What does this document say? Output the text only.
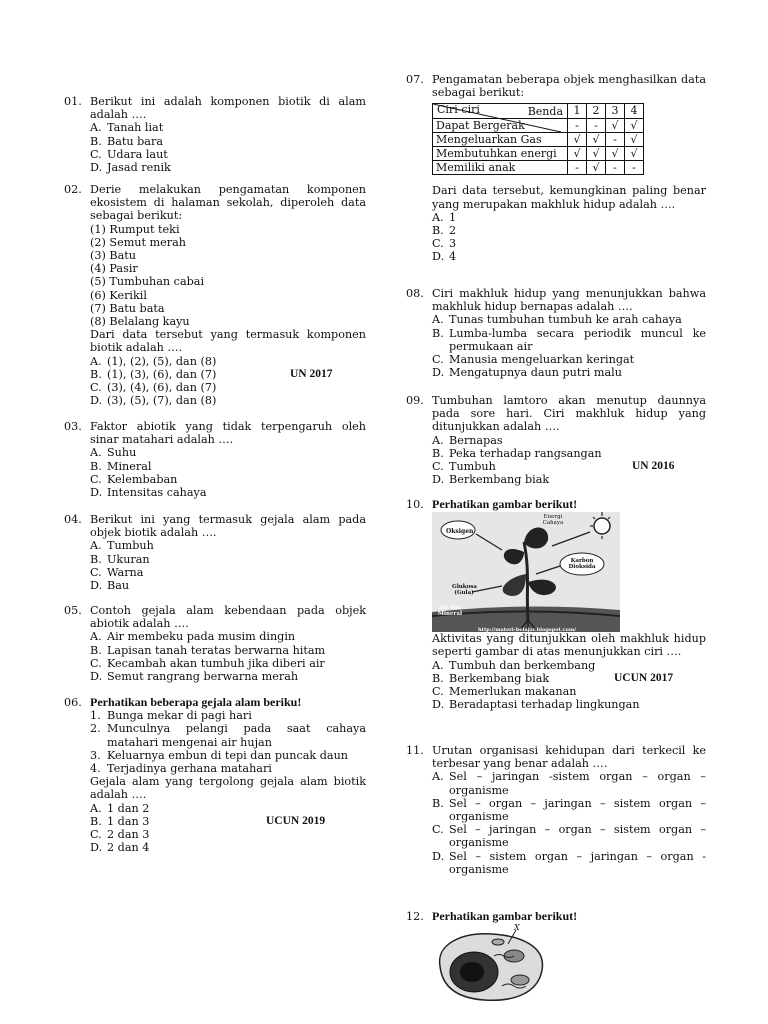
01. Berikut ini adalah komponen biotik di alam adalah ….
A. Tanah liat
B. Batu bara
C. Udara laut
D. Jasad renik
02. Derie melakukan pengamatan komponen ekosistem di halaman sekolah, diperoleh data sebagai berikut:
(1) Rumput teki
(2) Semut merah
(3) Batu
(4) Pasir
(5) Tumbuhan cabai
(6) Kerikil
(7) Batu bata
(8) Belalang kayu
Dari data tersebut yang termasuk komponen biotik adalah ….
A. (1), (2), (5), dan (8)
B. (1), (3), (6), dan (7)	UN 2017
C. (3), (4), (6), dan (7)
D. (3), (5), (7), dan (8)
03. Faktor abiotik yang tidak terpengaruh oleh sinar matahari adalah ….
A. Suhu
B. Mineral
C. Kelembaban
D. Intensitas cahaya
04. Berikut ini yang termasuk gejala alam pada objek biotik adalah ….
A. Tumbuh
B. Ukuran
C. Warna
D. Bau
05. Contoh gejala alam kebendaan pada objek abiotik adalah ….
A. Air membeku pada musim dingin
B. Lapisan tanah teratas berwarna hitam
C. Kecambah akan tumbuh jika diberi air
D. Semut rangrang berwarna merah
06. Perhatikan beberapa gejala alam beriku!
1. Bunga mekar di pagi hari
2. Munculnya pelangi pada saat cahaya matahari mengenai air hujan
3. Keluarnya embun di tepi dan puncak daun
4. Terjadinya gerhana matahari
Gejala alam yang tergolong gejala alam biotik adalah ….
A. 1 dan 2
B. 1 dan 3	UCUN 2019
C. 2 dan 3
D. 2 dan 4
07. Pengamatan beberapa objek menghasilkan data sebagai berikut:
Benda
Ciri-ciri	1	2	3	4
Dapat Bergerak	-	-	√	√
Mengeluarkan Gas	√	√	-	√
Membutuhkan energi	√	√	√	√
Memiliki anak	-	√	-	-
Dari data tersebut, kemungkinan paling benar yang merupakan makhluk hidup adalah ….
A. 1
B. 2
C. 3
D. 4
08. Ciri makhluk hidup yang menunjukkan bahwa makhluk hidup bernapas adalah ….
A. Tunas tumbuhan tumbuh ke arah cahaya
B. Lumba-lumba secara periodik muncul ke permukaan air
C. Manusia mengeluarkan keringat
D. Mengatupnya daun putri malu
09. Tumbuhan lamtoro akan menutup daunnya pada sore hari. Ciri makhluk hidup yang ditunjukkan adalah ….
A. Bernapas
B. Peka terhadap rangsangan
C. Tumbuh	UN 2016
D. Berkembang biak
10. Perhatikan gambar berikut!
Oksigen
Energi Cahaya
Karbon Dioksida
Glukosa (Gula)
Air dan Mineral
http://materi-belajar.blogspot.com/
Aktivitas yang ditunjukkan oleh makhluk hidup seperti gambar di atas menunjukkan ciri ….
A. Tumbuh dan berkembang
B. Berkembang biak	UCUN 2017
C. Memerlukan makanan
D. Beradaptasi terhadap lingkungan
11. Urutan organisasi kehidupan dari terkecil ke terbesar yang benar adalah ….
A. Sel – jaringan -sistem organ – organ – organisme
B. Sel – organ – jaringan – sistem organ – organisme
C. Sel – jaringan – organ – sistem organ – organisme
D. Sel – sistem organ – jaringan – organ - organisme
12. Perhatikan gambar berikut!
X
